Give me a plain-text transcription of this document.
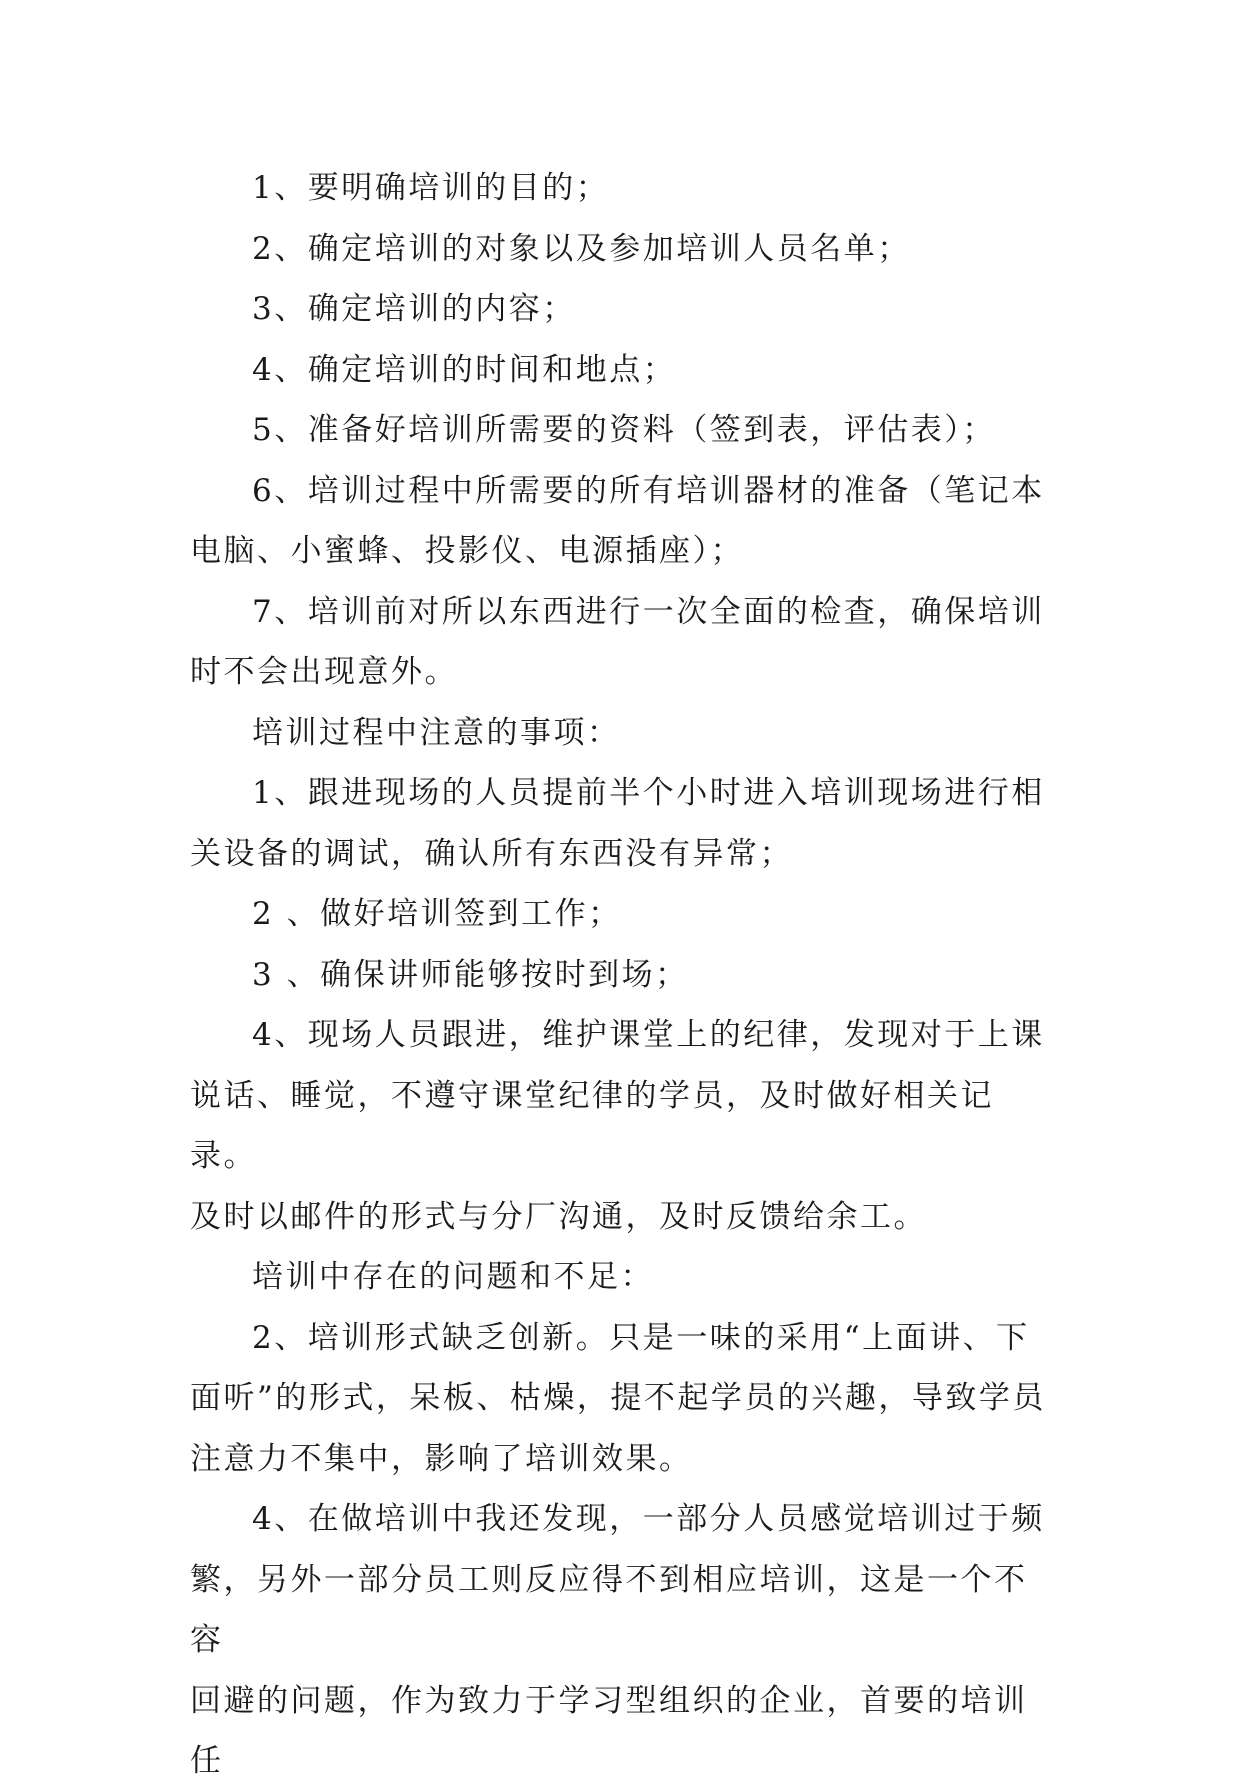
1、要明确培训的目的；

2、确定培训的对象以及参加培训人员名单；

3、确定培训的内容；

4、确定培训的时间和地点；

5、准备好培训所需要的资料（签到表，评估表）；

6、培训过程中所需要的所有培训器材的准备（笔记本
电脑、小蜜蜂、投影仪、电源插座）；

7、培训前对所以东西进行一次全面的检查，确保培训
时不会出现意外。

培训过程中注意的事项：

1、跟进现场的人员提前半个小时进入培训现场进行相
关设备的调试，确认所有东西没有异常；

2 、做好培训签到工作；

3 、确保讲师能够按时到场；

4、现场人员跟进，维护课堂上的纪律，发现对于上课
说话、睡觉，不遵守课堂纪律的学员，及时做好相关记录。
及时以邮件的形式与分厂沟通，及时反馈给余工。

培训中存在的问题和不足：

2、培训形式缺乏创新。只是一味的采用“上面讲、下
面听”的形式，呆板、枯燥，提不起学员的兴趣，导致学员
注意力不集中，影响了培训效果。

4、在做培训中我还发现，一部分人员感觉培训过于频
繁，另外一部分员工则反应得不到相应培训，这是一个不容
回避的问题，作为致力于学习型组织的企业，首要的培训任
